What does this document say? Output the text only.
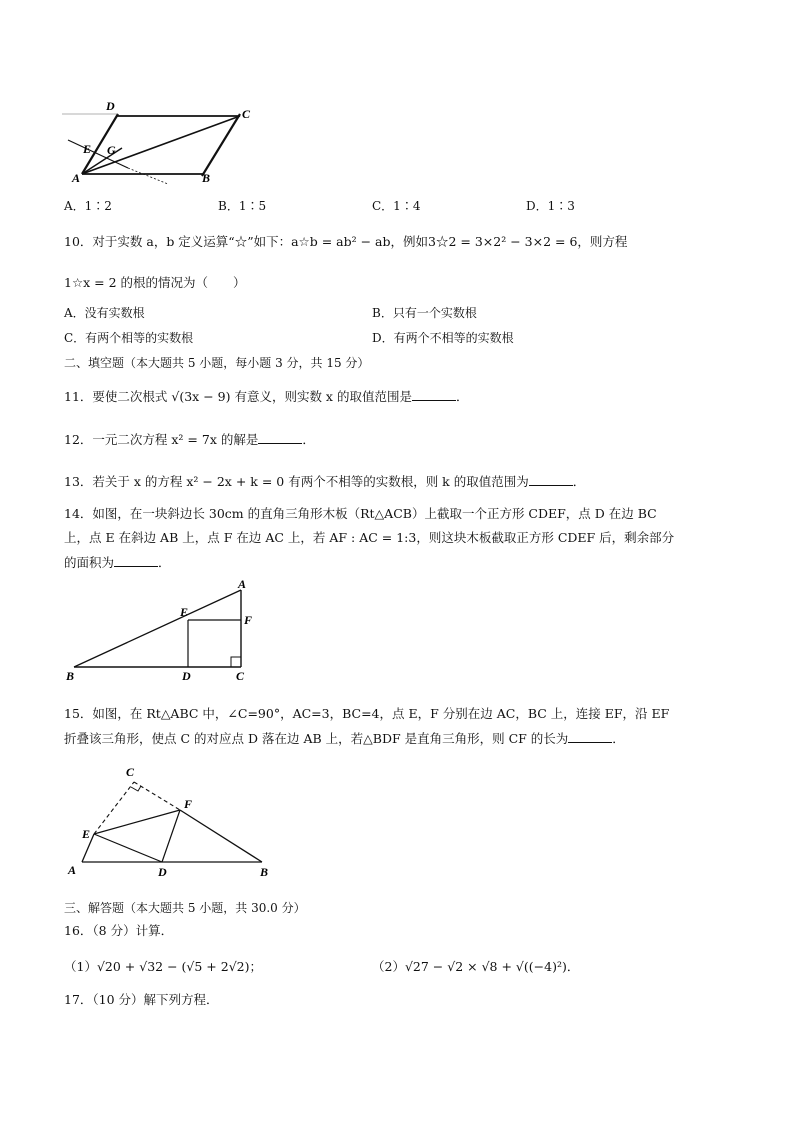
D
C
E G
A	B
A．1∶2	B．1∶5	C．1∶4	D．1∶3
10．对于实数 a，b 定义运算“☆”如下：a☆b = ab² − ab，例如3☆2 = 3×2² − 3×2 = 6，则方程
1☆x = 2 的根的情况为（　　）
A．没有实数根	B．只有一个实数根
C．有两个相等的实数根	D．有两个不相等的实数根
二、填空题（本大题共 5 小题，每小题 3 分，共 15 分）
11．要使二次根式 √(3x − 9) 有意义，则实数 x 的取值范围是	．
12．一元二次方程 x² = 7x 的解是	．
13．若关于 x 的方程 x² − 2x + k = 0 有两个不相等的实数根，则 k 的取值范围为	．
14．如图，在一块斜边长 30cm 的直角三角形木板（Rt△ACB）上截取一个正方形 CDEF，点 D 在边 BC
上，点 E 在斜边 AB 上，点 F 在边 AC 上，若 AF : AC = 1:3，则这块木板截取正方形 CDEF 后，剩余部分
的面积为	．
A
E
F
B	D	C
15．如图，在 Rt△ABC 中，∠C=90°，AC=3，BC=4，点 E，F 分别在边 AC，BC 上，连接 EF，沿 EF
折叠该三角形，使点 C 的对应点 D 落在边 AB 上，若△BDF 是直角三角形，则 CF 的长为	．
C
F
E
A	D	B
三、解答题（本大题共 5 小题，共 30.0 分）
16．（8 分）计算．
（1）√20 + √32 − (√5 + 2√2)；	（2）√27 − √2 × √8 + √((−4)²)．
17．（10 分）解下列方程．
